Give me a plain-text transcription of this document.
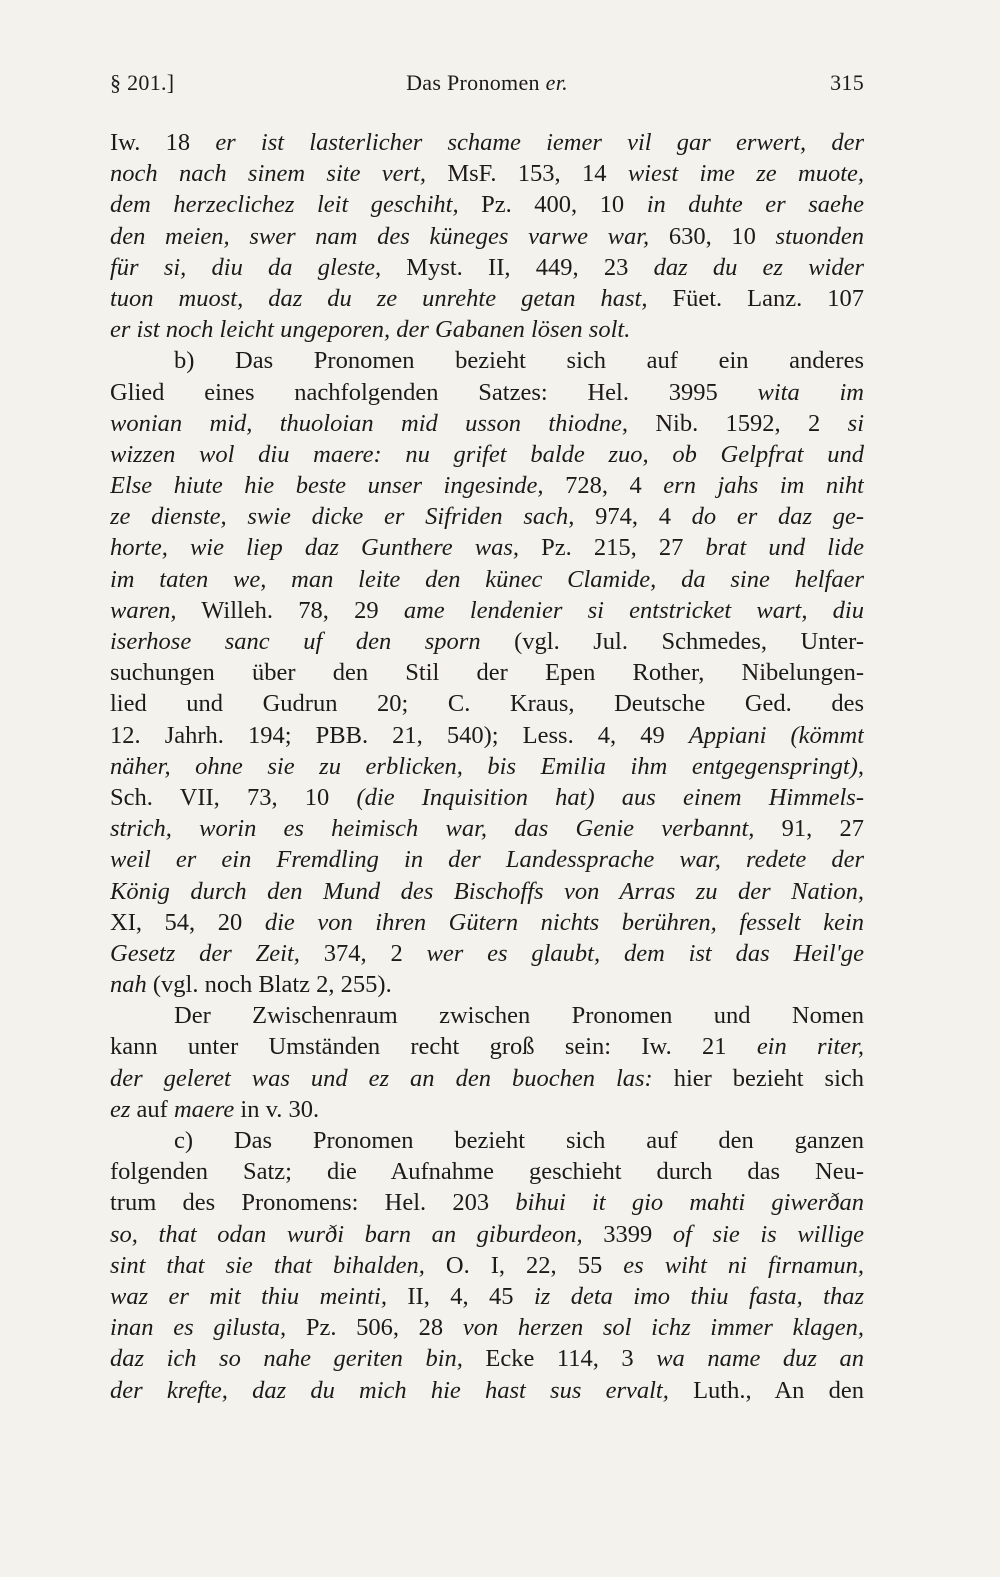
§ 201.]	Das Pronomen er.	315
Iw. 18 er ist lasterlicher schame iemer vil gar erwert, der
noch nach sinem site vert, MsF. 153, 14 wiest ime ze muote,
dem herzeclichez leit geschiht, Pz. 400, 10 in duhte er saehe
den meien, swer nam des küneges varwe war, 630, 10 stuonden
für si, diu da gleste, Myst. II, 449, 23 daz du ez wider
tuon muost, daz du ze unrehte getan hast, Füet. Lanz. 107
er ist noch leicht ungeporen, der Gabanen lösen solt.
b) Das Pronomen bezieht sich auf ein anderes
Glied eines nachfolgenden Satzes: Hel. 3995 wita im
wonian mid, thuoloian mid usson thiodne, Nib. 1592, 2 si
wizzen wol diu maere: nu grifet balde zuo, ob Gelpfrat und
Else hiute hie beste unser ingesinde, 728, 4 ern jahs im niht
ze dienste, swie dicke er Sifriden sach, 974, 4 do er daz ge-
horte, wie liep daz Gunthere was, Pz. 215, 27 brat und lide
im taten we, man leite den künec Clamide, da sine helfaer
waren, Willeh. 78, 29 ame lendenier si entstricket wart, diu
iserhose sanc uf den sporn (vgl. Jul. Schmedes, Unter-
suchungen über den Stil der Epen Rother, Nibelungen-
lied und Gudrun 20; C. Kraus, Deutsche Ged. des
12. Jahrh. 194; PBB. 21, 540); Less. 4, 49 Appiani (kömmt
näher, ohne sie zu erblicken, bis Emilia ihm entgegenspringt),
Sch. VII, 73, 10 (die Inquisition hat) aus einem Himmels-
strich, worin es heimisch war, das Genie verbannt, 91, 27
weil er ein Fremdling in der Landessprache war, redete der
König durch den Mund des Bischoffs von Arras zu der Nation,
XI, 54, 20 die von ihren Gütern nichts berühren, fesselt kein
Gesetz der Zeit, 374, 2 wer es glaubt, dem ist das Heil'ge
nah (vgl. noch Blatz 2, 255).
Der Zwischenraum zwischen Pronomen und Nomen
kann unter Umständen recht groß sein: Iw. 21 ein riter,
der geleret was und ez an den buochen las: hier bezieht sich
ez auf maere in v. 30.
c) Das Pronomen bezieht sich auf den ganzen
folgenden Satz; die Aufnahme geschieht durch das Neu-
trum des Pronomens: Hel. 203 bihui it gio mahti giwerðan
so, that odan wurði barn an giburdeon, 3399 of sie is willige
sint that sie that bihalden, O. I, 22, 55 es wiht ni firnamun,
waz er mit thiu meinti, II, 4, 45 iz deta imo thiu fasta, thaz
inan es gilusta, Pz. 506, 28 von herzen sol ichz immer klagen,
daz ich so nahe geriten bin, Ecke 114, 3 wa name duz an
der krefte, daz du mich hie hast sus ervalt, Luth., An den
